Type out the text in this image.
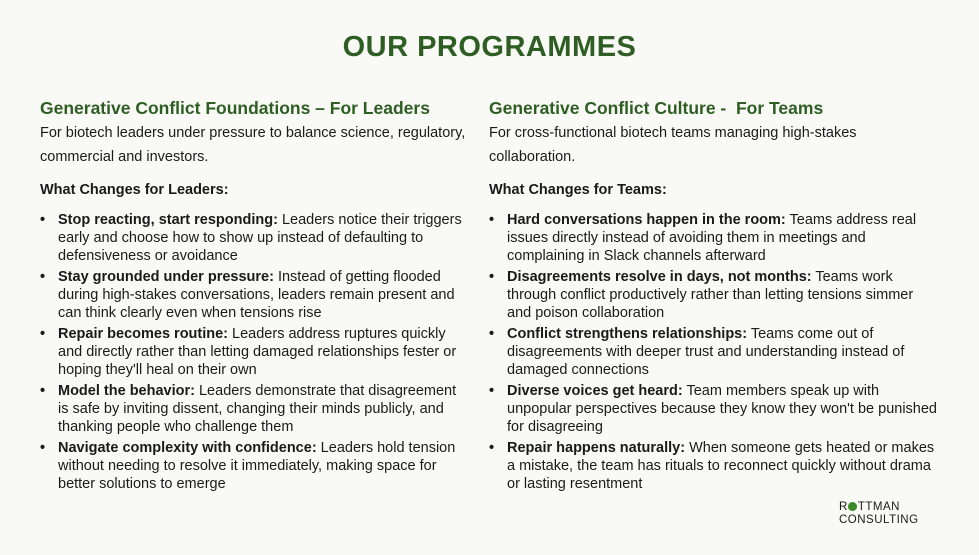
OUR PROGRAMMES
Generative Conflict Foundations – For Leaders

For biotech leaders under pressure to balance science, regulatory, commercial and investors.

What Changes for Leaders:
• Stop reacting, start responding: Leaders notice their triggers early and choose how to show up instead of defaulting to defensiveness or avoidance
• Stay grounded under pressure: Instead of getting flooded during high-stakes conversations, leaders remain present and can think clearly even when tensions rise
• Repair becomes routine: Leaders address ruptures quickly and directly rather than letting damaged relationships fester or hoping they'll heal on their own
• Model the behavior: Leaders demonstrate that disagreement is safe by inviting dissent, changing their minds publicly, and thanking people who challenge them
• Navigate complexity with confidence: Leaders hold tension without needing to resolve it immediately, making space for better solutions to emerge
Generative Conflict Culture -  For Teams

For cross-functional biotech teams managing high-stakes collaboration.

What Changes for Teams:
• Hard conversations happen in the room: Teams address real issues directly instead of avoiding them in meetings and complaining in Slack channels afterward
• Disagreements resolve in days, not months: Teams work through conflict productively rather than letting tensions simmer and poison collaboration
• Conflict strengthens relationships: Teams come out of disagreements with deeper trust and understanding instead of damaged connections
• Diverse voices get heard: Team members speak up with unpopular perspectives because they know they won't be punished for disagreeing
• Repair happens naturally: When someone gets heated or makes a mistake, the team has rituals to reconnect quickly without drama or lasting resentment
R TTMAN
CONSULTING
